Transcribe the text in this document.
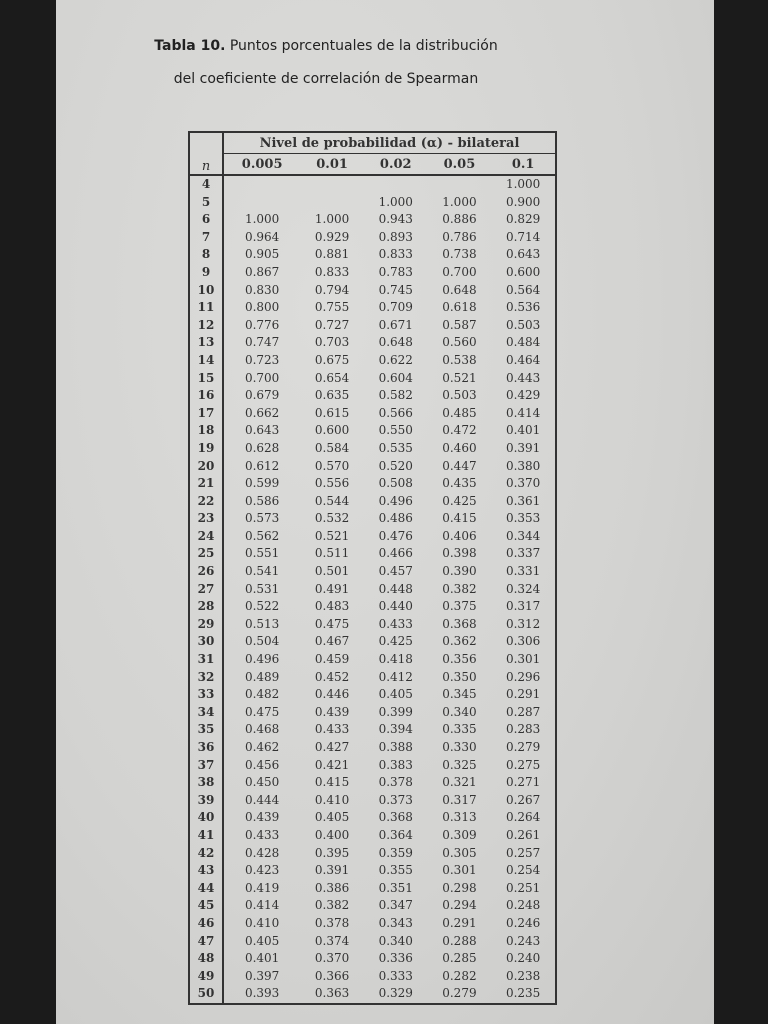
Tabla 10. Puntos porcentuales de la distribución
del coeficiente de correlación de Spearman
n	Nivel de probabilidad (α) - bilateral				
	0.005	0.01	0.02	0.05	0.1
4					1.000
5			1.000	1.000	0.900
6	1.000	1.000	0.943	0.886	0.829
7	0.964	0.929	0.893	0.786	0.714
8	0.905	0.881	0.833	0.738	0.643
9	0.867	0.833	0.783	0.700	0.600
10	0.830	0.794	0.745	0.648	0.564
11	0.800	0.755	0.709	0.618	0.536
12	0.776	0.727	0.671	0.587	0.503
13	0.747	0.703	0.648	0.560	0.484
14	0.723	0.675	0.622	0.538	0.464
15	0.700	0.654	0.604	0.521	0.443
16	0.679	0.635	0.582	0.503	0.429
17	0.662	0.615	0.566	0.485	0.414
18	0.643	0.600	0.550	0.472	0.401
19	0.628	0.584	0.535	0.460	0.391
20	0.612	0.570	0.520	0.447	0.380
21	0.599	0.556	0.508	0.435	0.370
22	0.586	0.544	0.496	0.425	0.361
23	0.573	0.532	0.486	0.415	0.353
24	0.562	0.521	0.476	0.406	0.344
25	0.551	0.511	0.466	0.398	0.337
26	0.541	0.501	0.457	0.390	0.331
27	0.531	0.491	0.448	0.382	0.324
28	0.522	0.483	0.440	0.375	0.317
29	0.513	0.475	0.433	0.368	0.312
30	0.504	0.467	0.425	0.362	0.306
31	0.496	0.459	0.418	0.356	0.301
32	0.489	0.452	0.412	0.350	0.296
33	0.482	0.446	0.405	0.345	0.291
34	0.475	0.439	0.399	0.340	0.287
35	0.468	0.433	0.394	0.335	0.283
36	0.462	0.427	0.388	0.330	0.279
37	0.456	0.421	0.383	0.325	0.275
38	0.450	0.415	0.378	0.321	0.271
39	0.444	0.410	0.373	0.317	0.267
40	0.439	0.405	0.368	0.313	0.264
41	0.433	0.400	0.364	0.309	0.261
42	0.428	0.395	0.359	0.305	0.257
43	0.423	0.391	0.355	0.301	0.254
44	0.419	0.386	0.351	0.298	0.251
45	0.414	0.382	0.347	0.294	0.248
46	0.410	0.378	0.343	0.291	0.246
47	0.405	0.374	0.340	0.288	0.243
48	0.401	0.370	0.336	0.285	0.240
49	0.397	0.366	0.333	0.282	0.238
50	0.393	0.363	0.329	0.279	0.235
